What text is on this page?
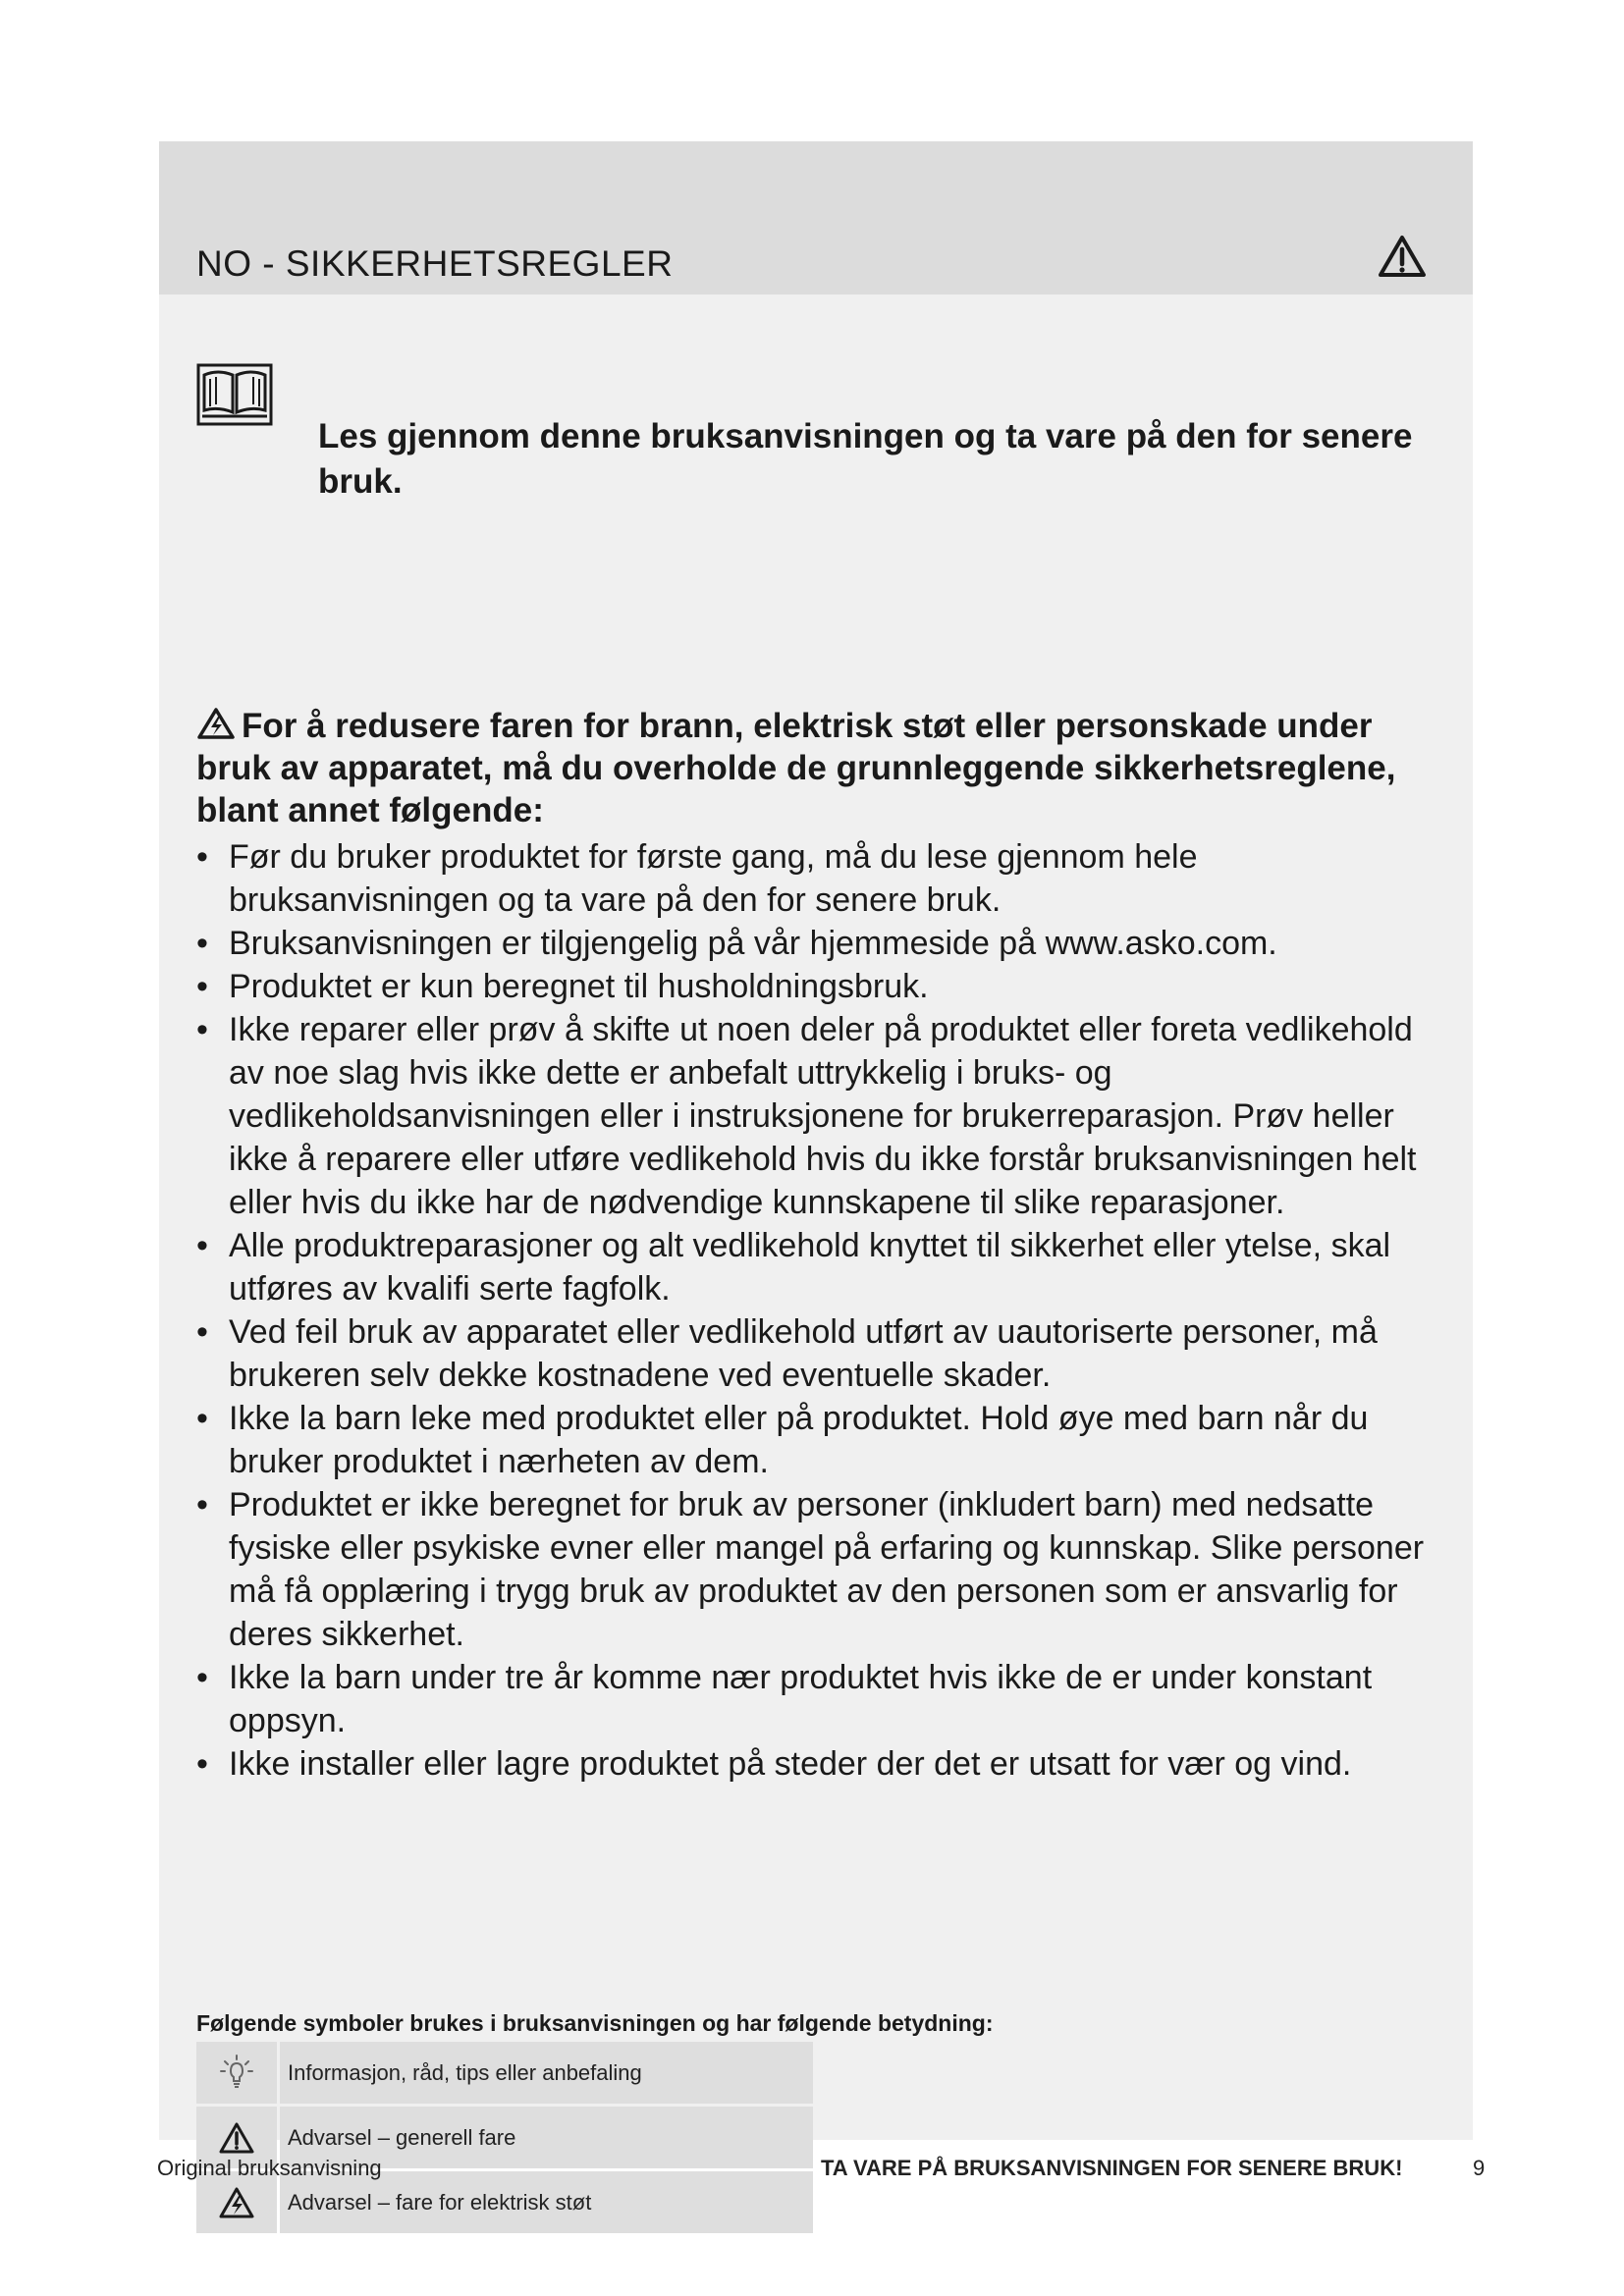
NO - SIKKERHETSREGLER
Les gjennom denne bruksanvisningen og ta vare på den for senere bruk.
For å redusere faren for brann, elektrisk støt eller personskade under bruk av apparatet, må du overholde de grunnleggende sikkerhetsreglene, blant annet følgende:
• Før du bruker produktet for første gang, må du lese gjennom hele bruksanvisningen og ta vare på den for senere bruk.
• Bruksanvisningen er tilgjengelig på vår hjemmeside på www.asko.com.
• Produktet er kun beregnet til husholdningsbruk.
• Ikke reparer eller prøv å skifte ut noen deler på produktet eller foreta vedlikehold av noe slag hvis ikke dette er anbefalt uttrykkelig i bruks- og vedlikeholdsanvisningen eller i instruksjonene for brukerreparasjon. Prøv heller ikke å reparere eller utføre vedlikehold hvis du ikke forstår bruksanvisningen helt eller hvis du ikke har de nødvendige kunnskapene til slike reparasjoner.
• Alle produktreparasjoner og alt vedlikehold knyttet til sikkerhet eller ytelse, skal utføres av kvalifi serte fagfolk.
• Ved feil bruk av apparatet eller vedlikehold utført av uautoriserte personer, må brukeren selv dekke kostnadene ved eventuelle skader.
• Ikke la barn leke med produktet eller på produktet. Hold øye med barn når du bruker produktet i nærheten av dem.
• Produktet er ikke beregnet for bruk av personer (inkludert barn) med nedsatte fysiske eller psykiske evner eller mangel på erfaring og kunnskap. Slike personer må få opplæring i trygg bruk av produktet av den personen som er ansvarlig for deres sikkerhet.
• Ikke la barn under tre år komme nær produktet hvis ikke de er under konstant oppsyn.
• Ikke installer eller lagre produktet på steder der det er utsatt for vær og vind.
Følgende symboler brukes i bruksanvisningen og har følgende betydning:
Informasjon, råd, tips eller anbefaling
Advarsel – generell fare
Advarsel – fare for elektrisk støt
Original bruksanvisning	TA VARE PÅ BRUKSANVISNINGEN FOR SENERE BRUK!	9
